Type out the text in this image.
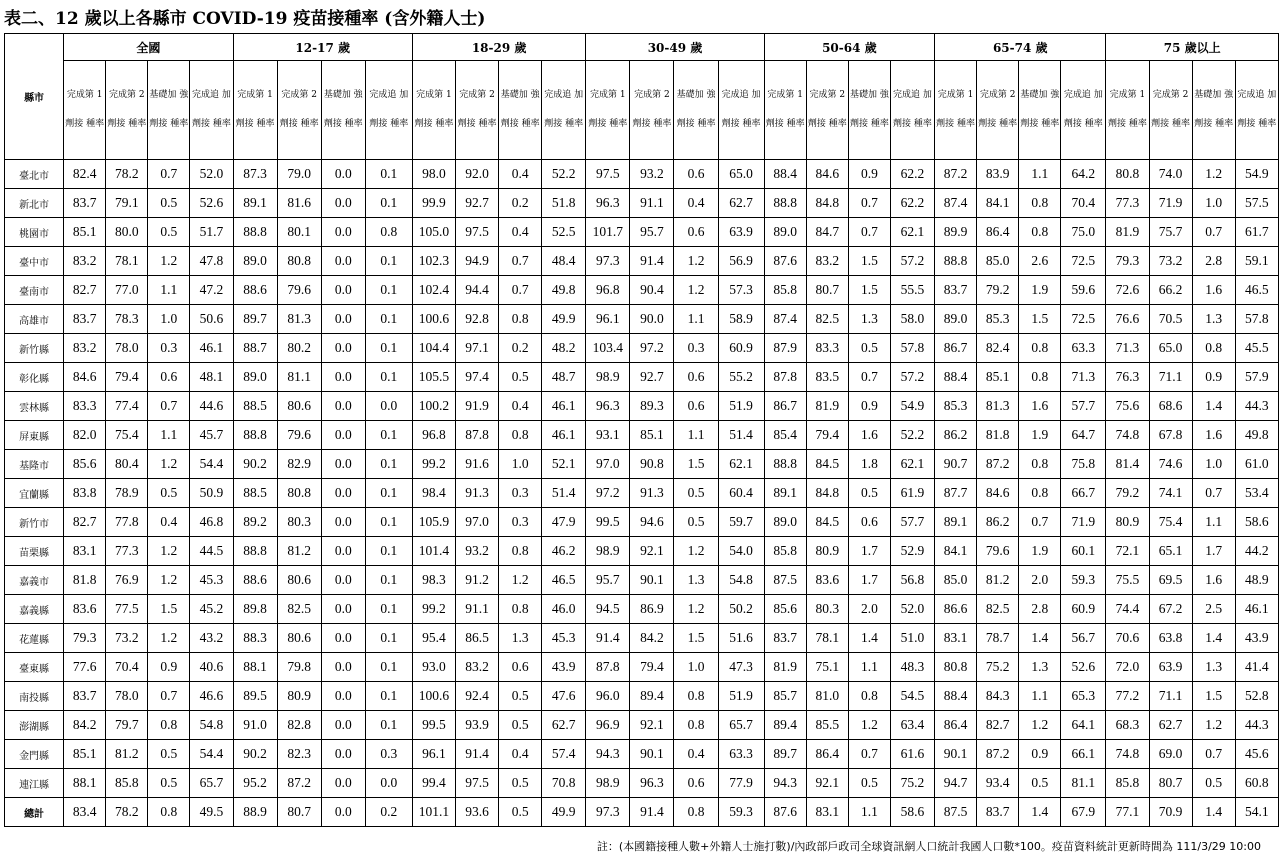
表二、12 歲以上各縣市 COVID-19 疫苗接種率 (含外籍人士)
縣市	全國				12-17 歲				18-29 歲				30-49 歲				50-64 歲				65-74 歲				75 歲以上			
	完成第 1 劑接 種率	完成第 2 劑接 種率	基礎加 強劑接 種率	完成追 加劑接 種率	完成第 1 劑接 種率	完成第 2 劑接 種率	基礎加 強劑接 種率	完成追 加劑接 種率	完成第 1 劑接 種率	完成第 2 劑接 種率	基礎加 強劑接 種率	完成追 加劑接 種率	完成第 1 劑接 種率	完成第 2 劑接 種率	基礎加 強劑接 種率	完成追 加劑接 種率	完成第 1 劑接 種率	完成第 2 劑接 種率	基礎加 強劑接 種率	完成追 加劑接 種率	完成第 1 劑接 種率	完成第 2 劑接 種率	基礎加 強劑接 種率	完成追 加劑接 種率	完成第 1 劑接 種率	完成第 2 劑接 種率	基礎加 強劑接 種率	完成追 加劑接 種率
臺北市	82.4	78.2	0.7	52.0	87.3	79.0	0.0	0.1	98.0	92.0	0.4	52.2	97.5	93.2	0.6	65.0	88.4	84.6	0.9	62.2	87.2	83.9	1.1	64.2	80.8	74.0	1.2	54.9
新北市	83.7	79.1	0.5	52.6	89.1	81.6	0.0	0.1	99.9	92.7	0.2	51.8	96.3	91.1	0.4	62.7	88.8	84.8	0.7	62.2	87.4	84.1	0.8	70.4	77.3	71.9	1.0	57.5
桃園市	85.1	80.0	0.5	51.7	88.8	80.1	0.0	0.8	105.0	97.5	0.4	52.5	101.7	95.7	0.6	63.9	89.0	84.7	0.7	62.1	89.9	86.4	0.8	75.0	81.9	75.7	0.7	61.7
臺中市	83.2	78.1	1.2	47.8	89.0	80.8	0.0	0.1	102.3	94.9	0.7	48.4	97.3	91.4	1.2	56.9	87.6	83.2	1.5	57.2	88.8	85.0	2.6	72.5	79.3	73.2	2.8	59.1
臺南市	82.7	77.0	1.1	47.2	88.6	79.6	0.0	0.1	102.4	94.4	0.7	49.8	96.8	90.4	1.2	57.3	85.8	80.7	1.5	55.5	83.7	79.2	1.9	59.6	72.6	66.2	1.6	46.5
高雄市	83.7	78.3	1.0	50.6	89.7	81.3	0.0	0.1	100.6	92.8	0.8	49.9	96.1	90.0	1.1	58.9	87.4	82.5	1.3	58.0	89.0	85.3	1.5	72.5	76.6	70.5	1.3	57.8
新竹縣	83.2	78.0	0.3	46.1	88.7	80.2	0.0	0.1	104.4	97.1	0.2	48.2	103.4	97.2	0.3	60.9	87.9	83.3	0.5	57.8	86.7	82.4	0.8	63.3	71.3	65.0	0.8	45.5
彰化縣	84.6	79.4	0.6	48.1	89.0	81.1	0.0	0.1	105.5	97.4	0.5	48.7	98.9	92.7	0.6	55.2	87.8	83.5	0.7	57.2	88.4	85.1	0.8	71.3	76.3	71.1	0.9	57.9
雲林縣	83.3	77.4	0.7	44.6	88.5	80.6	0.0	0.0	100.2	91.9	0.4	46.1	96.3	89.3	0.6	51.9	86.7	81.9	0.9	54.9	85.3	81.3	1.6	57.7	75.6	68.6	1.4	44.3
屏東縣	82.0	75.4	1.1	45.7	88.8	79.6	0.0	0.1	96.8	87.8	0.8	46.1	93.1	85.1	1.1	51.4	85.4	79.4	1.6	52.2	86.2	81.8	1.9	64.7	74.8	67.8	1.6	49.8
基隆市	85.6	80.4	1.2	54.4	90.2	82.9	0.0	0.1	99.2	91.6	1.0	52.1	97.0	90.8	1.5	62.1	88.8	84.5	1.8	62.1	90.7	87.2	0.8	75.8	81.4	74.6	1.0	61.0
宜蘭縣	83.8	78.9	0.5	50.9	88.5	80.8	0.0	0.1	98.4	91.3	0.3	51.4	97.2	91.3	0.5	60.4	89.1	84.8	0.5	61.9	87.7	84.6	0.8	66.7	79.2	74.1	0.7	53.4
新竹市	82.7	77.8	0.4	46.8	89.2	80.3	0.0	0.1	105.9	97.0	0.3	47.9	99.5	94.6	0.5	59.7	89.0	84.5	0.6	57.7	89.1	86.2	0.7	71.9	80.9	75.4	1.1	58.6
苗栗縣	83.1	77.3	1.2	44.5	88.8	81.2	0.0	0.1	101.4	93.2	0.8	46.2	98.9	92.1	1.2	54.0	85.8	80.9	1.7	52.9	84.1	79.6	1.9	60.1	72.1	65.1	1.7	44.2
嘉義市	81.8	76.9	1.2	45.3	88.6	80.6	0.0	0.1	98.3	91.2	1.2	46.5	95.7	90.1	1.3	54.8	87.5	83.6	1.7	56.8	85.0	81.2	2.0	59.3	75.5	69.5	1.6	48.9
嘉義縣	83.6	77.5	1.5	45.2	89.8	82.5	0.0	0.1	99.2	91.1	0.8	46.0	94.5	86.9	1.2	50.2	85.6	80.3	2.0	52.0	86.6	82.5	2.8	60.9	74.4	67.2	2.5	46.1
花蓮縣	79.3	73.2	1.2	43.2	88.3	80.6	0.0	0.1	95.4	86.5	1.3	45.3	91.4	84.2	1.5	51.6	83.7	78.1	1.4	51.0	83.1	78.7	1.4	56.7	70.6	63.8	1.4	43.9
臺東縣	77.6	70.4	0.9	40.6	88.1	79.8	0.0	0.1	93.0	83.2	0.6	43.9	87.8	79.4	1.0	47.3	81.9	75.1	1.1	48.3	80.8	75.2	1.3	52.6	72.0	63.9	1.3	41.4
南投縣	83.7	78.0	0.7	46.6	89.5	80.9	0.0	0.1	100.6	92.4	0.5	47.6	96.0	89.4	0.8	51.9	85.7	81.0	0.8	54.5	88.4	84.3	1.1	65.3	77.2	71.1	1.5	52.8
澎湖縣	84.2	79.7	0.8	54.8	91.0	82.8	0.0	0.1	99.5	93.9	0.5	62.7	96.9	92.1	0.8	65.7	89.4	85.5	1.2	63.4	86.4	82.7	1.2	64.1	68.3	62.7	1.2	44.3
金門縣	85.1	81.2	0.5	54.4	90.2	82.3	0.0	0.3	96.1	91.4	0.4	57.4	94.3	90.1	0.4	63.3	89.7	86.4	0.7	61.6	90.1	87.2	0.9	66.1	74.8	69.0	0.7	45.6
連江縣	88.1	85.8	0.5	65.7	95.2	87.2	0.0	0.0	99.4	97.5	0.5	70.8	98.9	96.3	0.6	77.9	94.3	92.1	0.5	75.2	94.7	93.4	0.5	81.1	85.8	80.7	0.5	60.8
總計	83.4	78.2	0.8	49.5	88.9	80.7	0.0	0.2	101.1	93.6	0.5	49.9	97.3	91.4	0.8	59.3	87.6	83.1	1.1	58.6	87.5	83.7	1.4	67.9	77.1	70.9	1.4	54.1
註：(本國籍接種人數+外籍人士施打數)/內政部戶政司全球資訊網人口統計我國人口數*100。疫苗資料統計更新時間為 111/3/29 10:00
